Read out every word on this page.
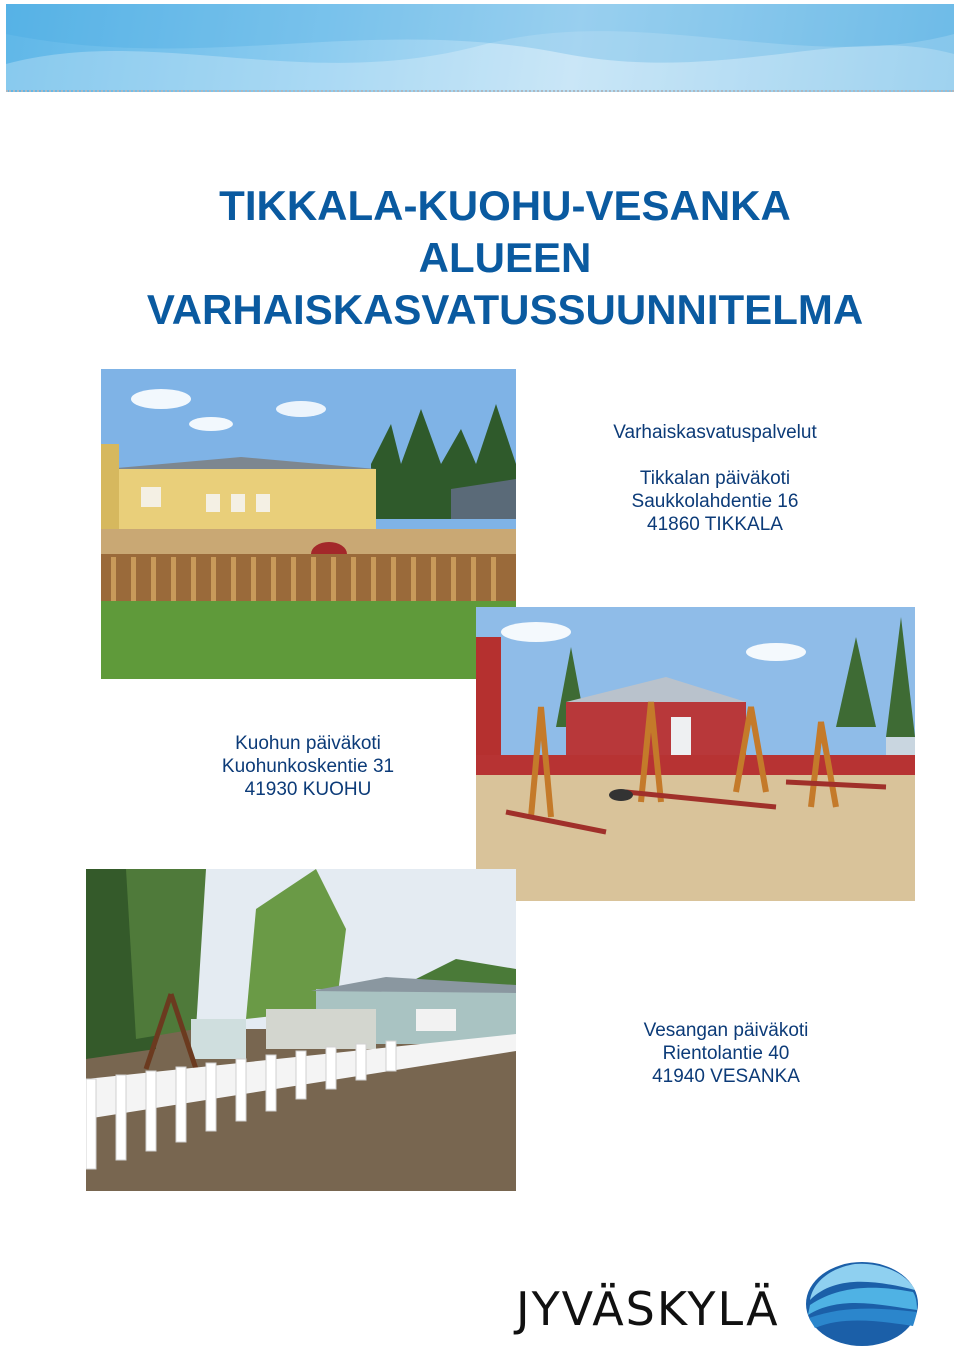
TIKKALA-KUOHU-VESANKA
ALUEEN
VARHAISKASVATUSSUUNNITELMA
Varhaiskasvatuspalvelut
Tikkalan päiväkoti
Saukkolahdentie 16
41860 TIKKALA
Kuohun päiväkoti
Kuohunkoskentie 31
41930 KUOHU
Vesangan päiväkoti
Rientolantie 40
41940 VESANKA
JYVÄSKYLÄ
